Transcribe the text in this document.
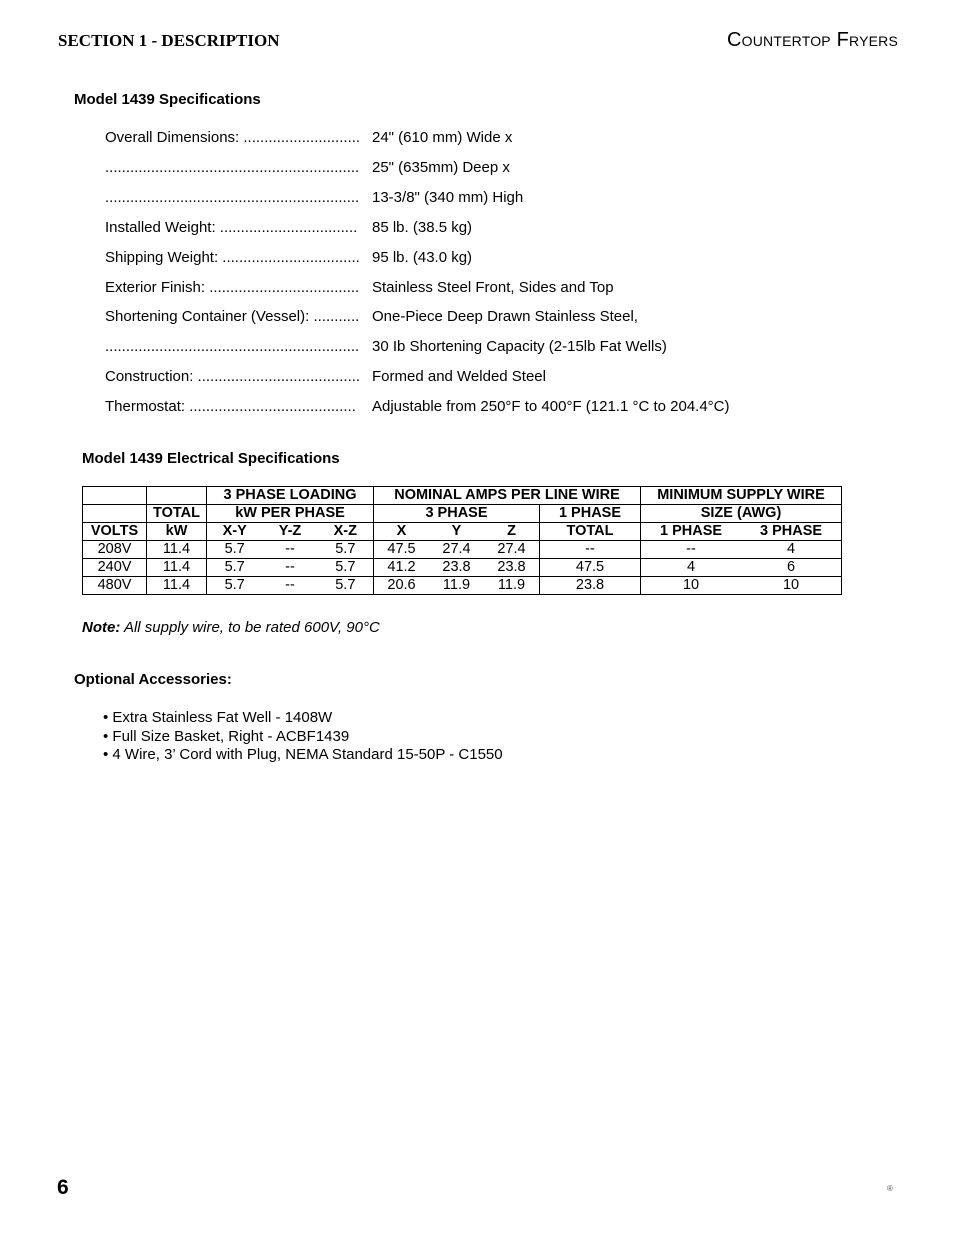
SECTION 1 - DESCRIPTION	Countertop Fryers
Model 1439 Specifications
Overall Dimensions: ............................ 24" (610 mm) Wide x
............................................................. 25" (635mm) Deep x
............................................................. 13-3/8" (340 mm) High
Installed Weight: ................................. 85 lb. (38.5 kg)
Shipping Weight: ................................. 95 lb. (43.0 kg)
Exterior Finish: .................................... Stainless Steel Front, Sides and Top
Shortening Container (Vessel): ........... One-Piece Deep Drawn Stainless Steel,
............................................................. 30 Ib Shortening Capacity (2-15lb Fat Wells)
Construction: ....................................... Formed and Welded Steel
Thermostat: ........................................ Adjustable from 250°F to 400°F (121.1 °C to 204.4°C)
Model 1439 Electrical Specifications
		3 PHASE LOADING	NOMINAL AMPS PER LINE WIRE		MINIMUM SUPPLY WIRE
	TOTAL	kW PER PHASE	3 PHASE	1 PHASE	SIZE (AWG)
VOLTS	kW	X-Y Y-Z X-Z	X Y Z	TOTAL	1 PHASE 3 PHASE

208V	11.4	5.7 -- 5.7	47.5 27.4 27.4	--	-- 4

240V	11.4	5.7 -- 5.7	41.2 23.8 23.8	47.5	4 6

480V	11.4	5.7 -- 5.7	20.6 11.9 11.9	23.8	10 10
Note: All supply wire, to be rated 600V, 90°C
Optional Accessories:
• Extra Stainless Fat Well - 1408W
• Full Size Basket, Right - ACBF1439
• 4 Wire, 3’ Cord with Plug, NEMA Standard 15-50P - C1550
6	®
